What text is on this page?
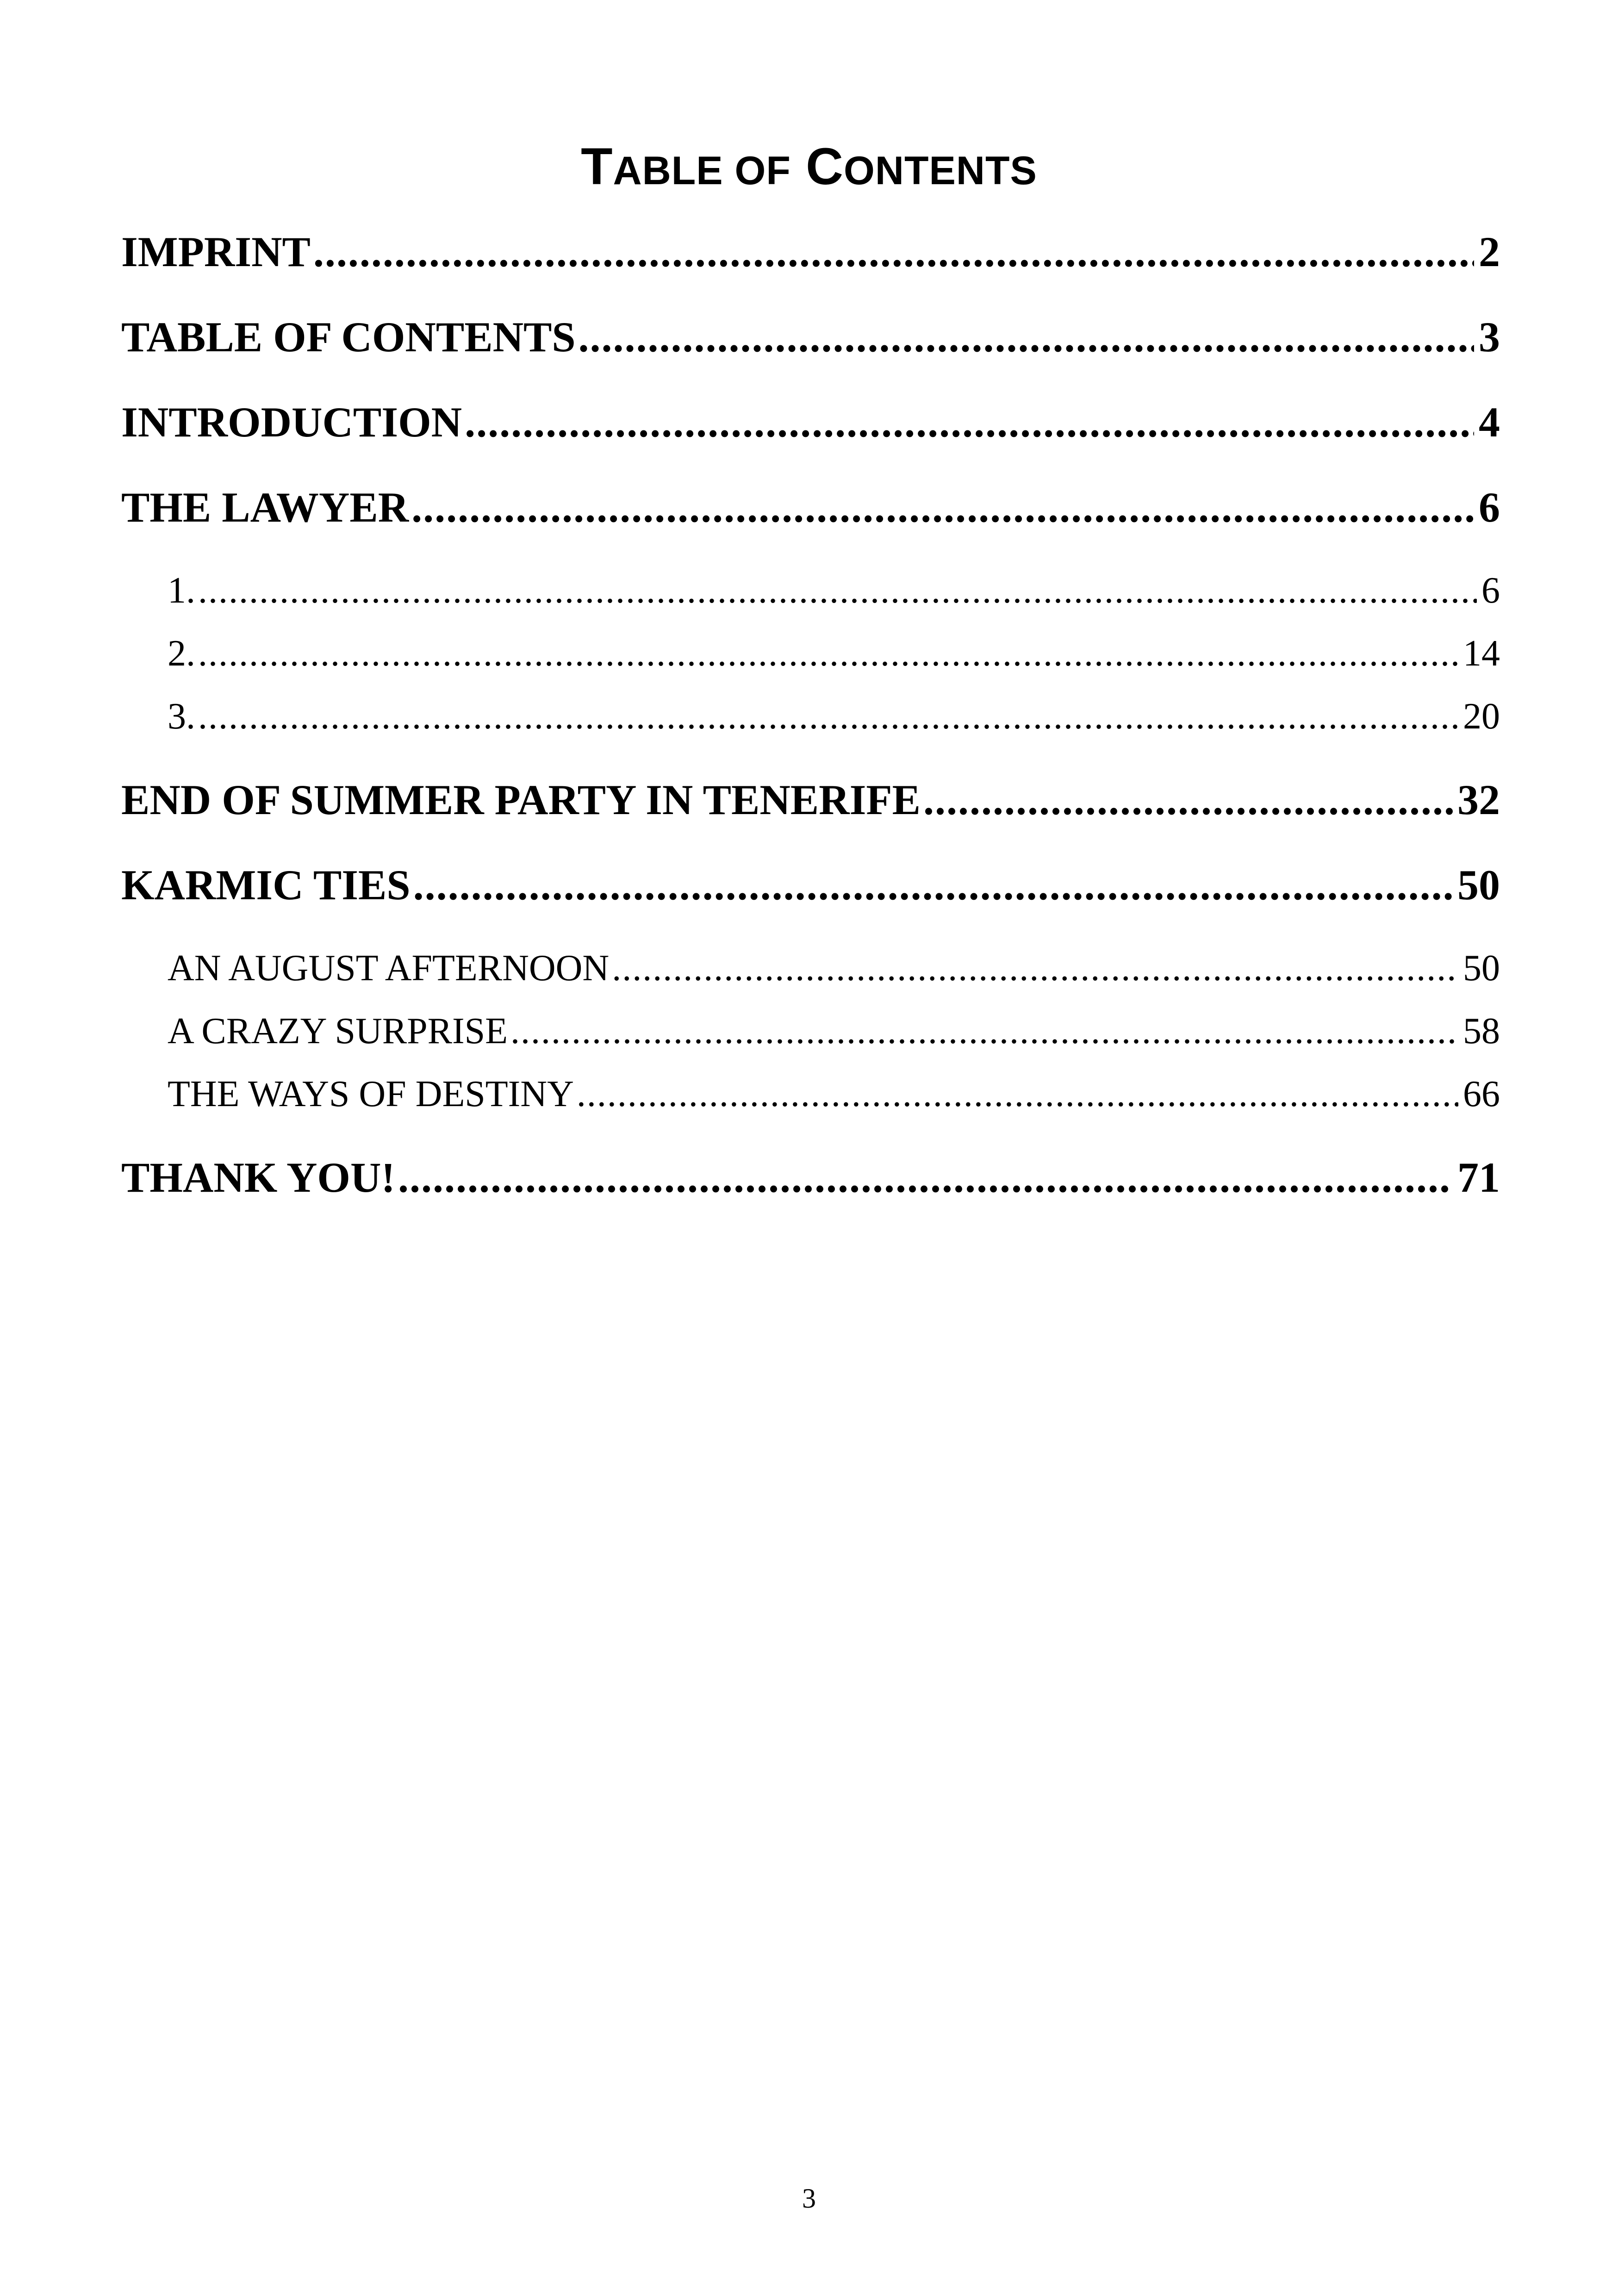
TABLE OF CONTENTS
IMPRINT .....	2
TABLE OF CONTENTS .....	3
INTRODUCTION .....	4
THE LAWYER .....	6
1. .....	6
2. .....	14
3. .....	20
END OF SUMMER PARTY IN TENERIFE .....	32
KARMIC TIES .....	50
AN AUGUST AFTERNOON .....	50
A CRAZY SURPRISE .....	58
THE WAYS OF DESTINY .....	66
THANK YOU! .....	71
3
